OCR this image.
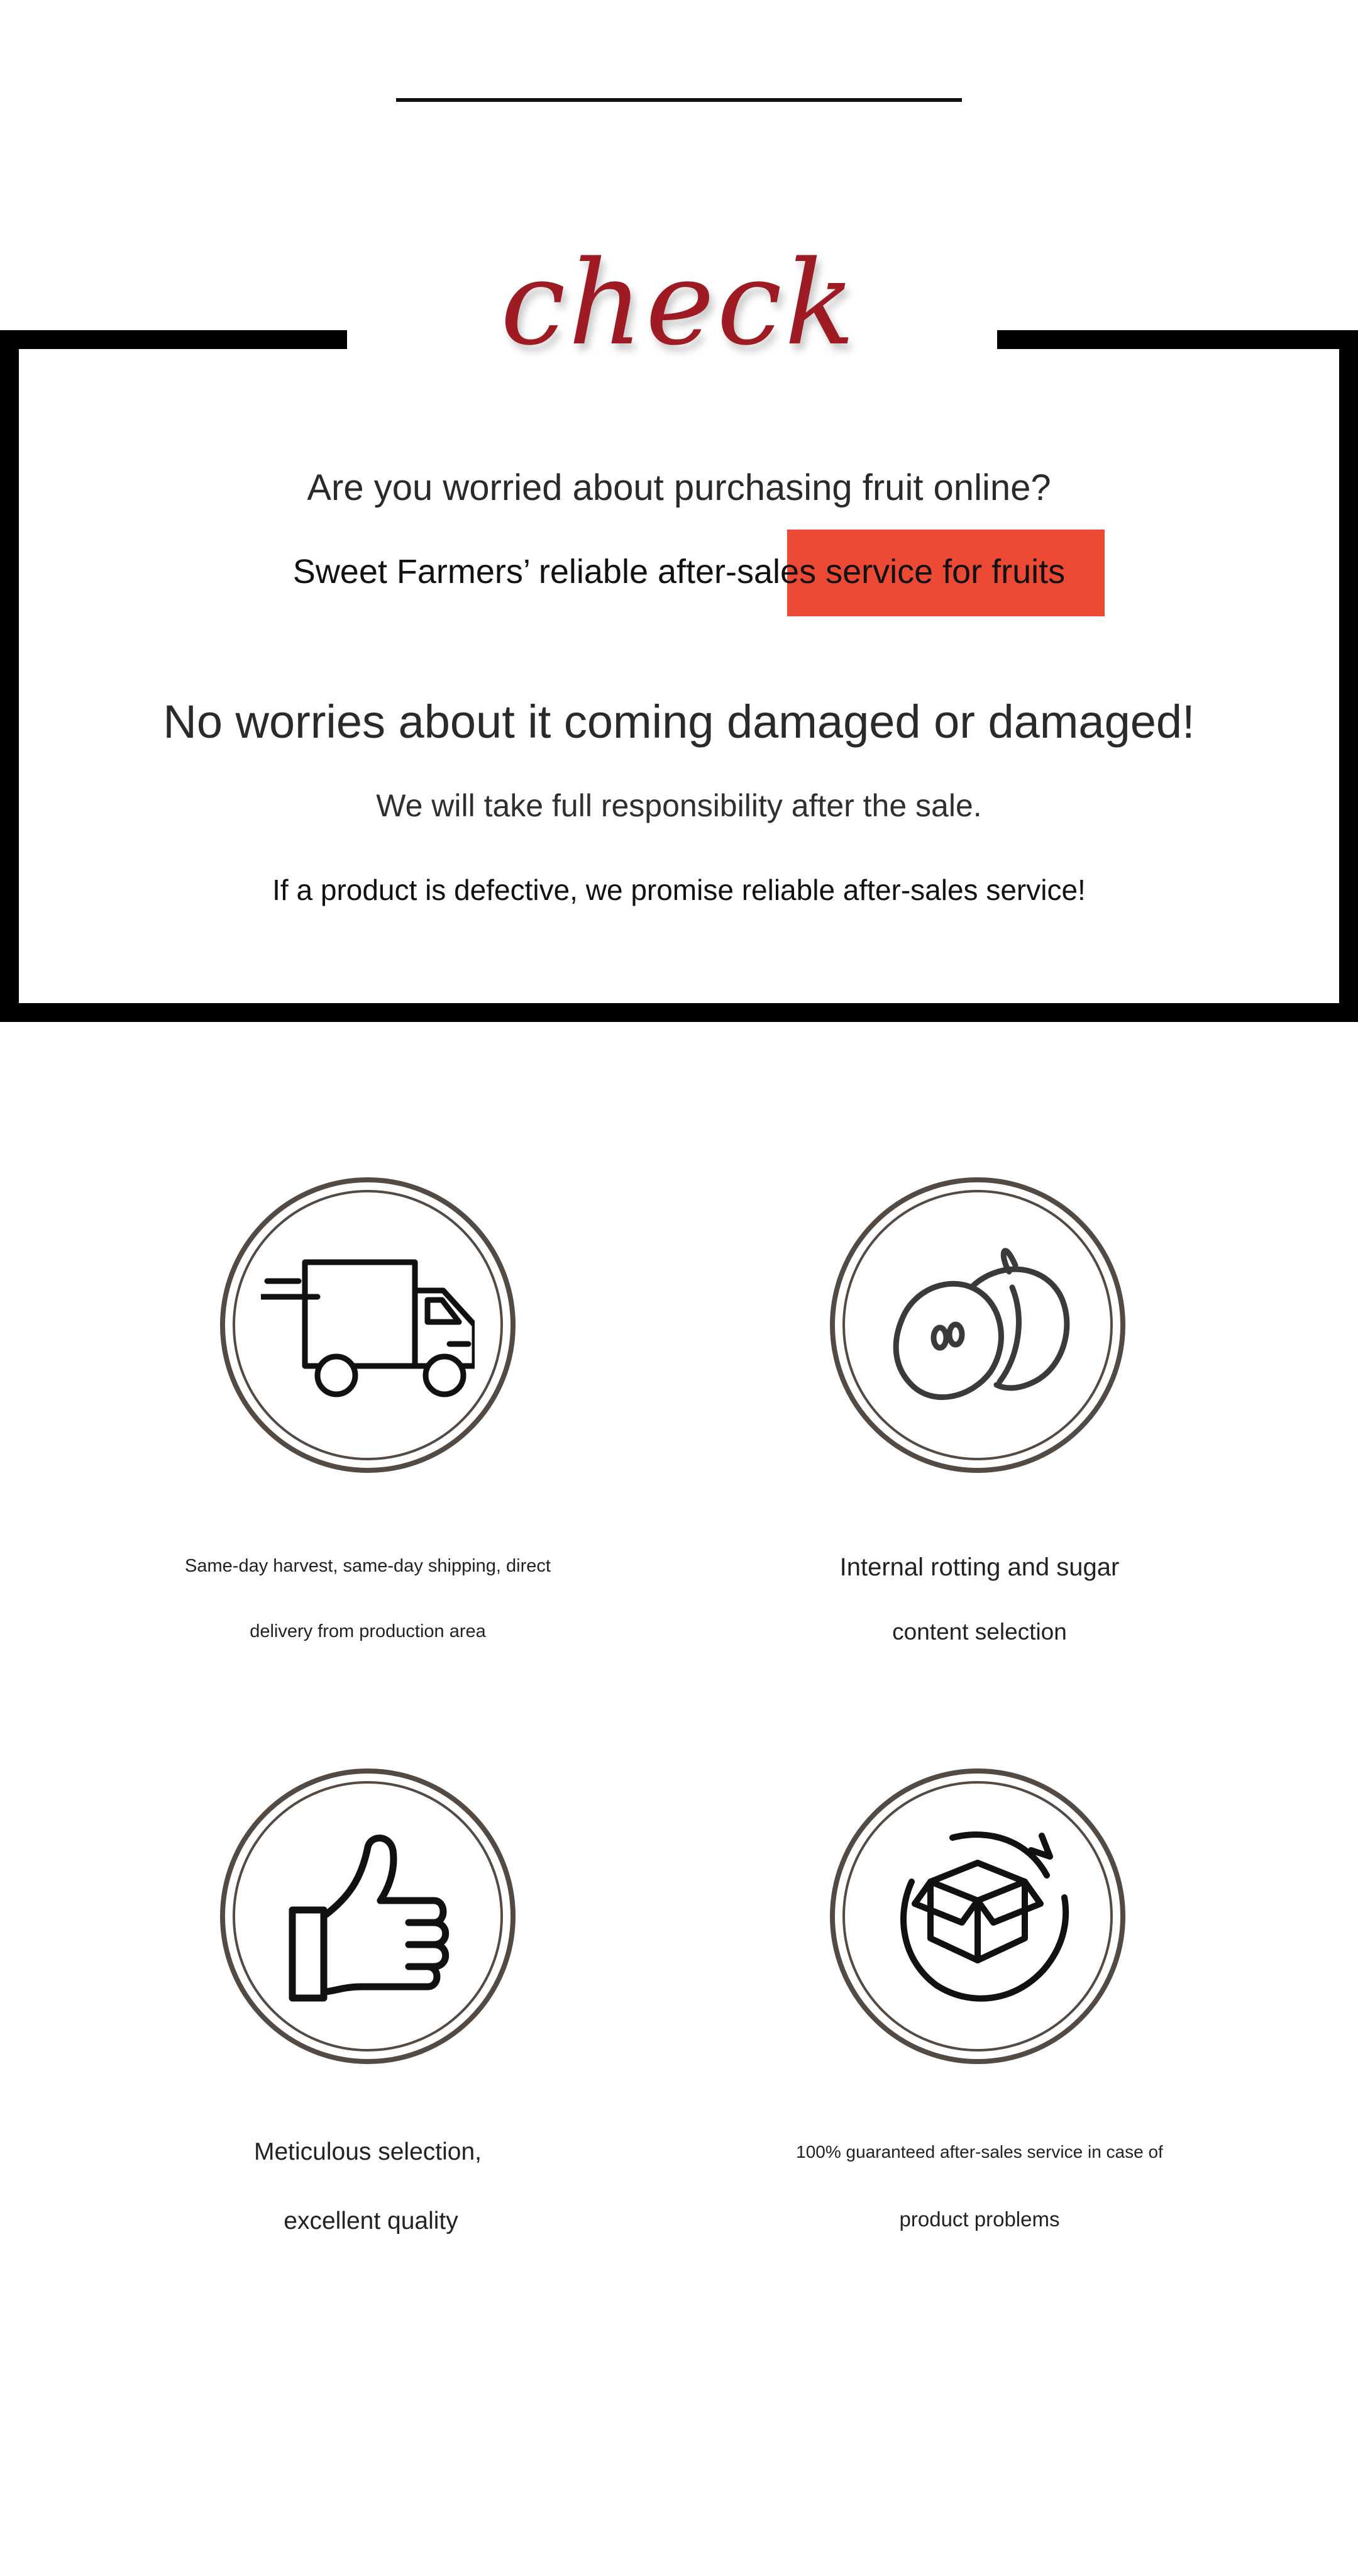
check
Are you worried about purchasing fruit online?
Sweet Farmers’ reliable after-sales service for fruits
No worries about it coming damaged or damaged!
We will take full responsibility after the sale.
If a product is defective, we promise reliable after-sales service!
Same-day harvest, same-day shipping, direct
delivery from production area
Internal rotting and sugar
content selection
Meticulous selection,
excellent quality
100% guaranteed after-sales service in case of
product problems
